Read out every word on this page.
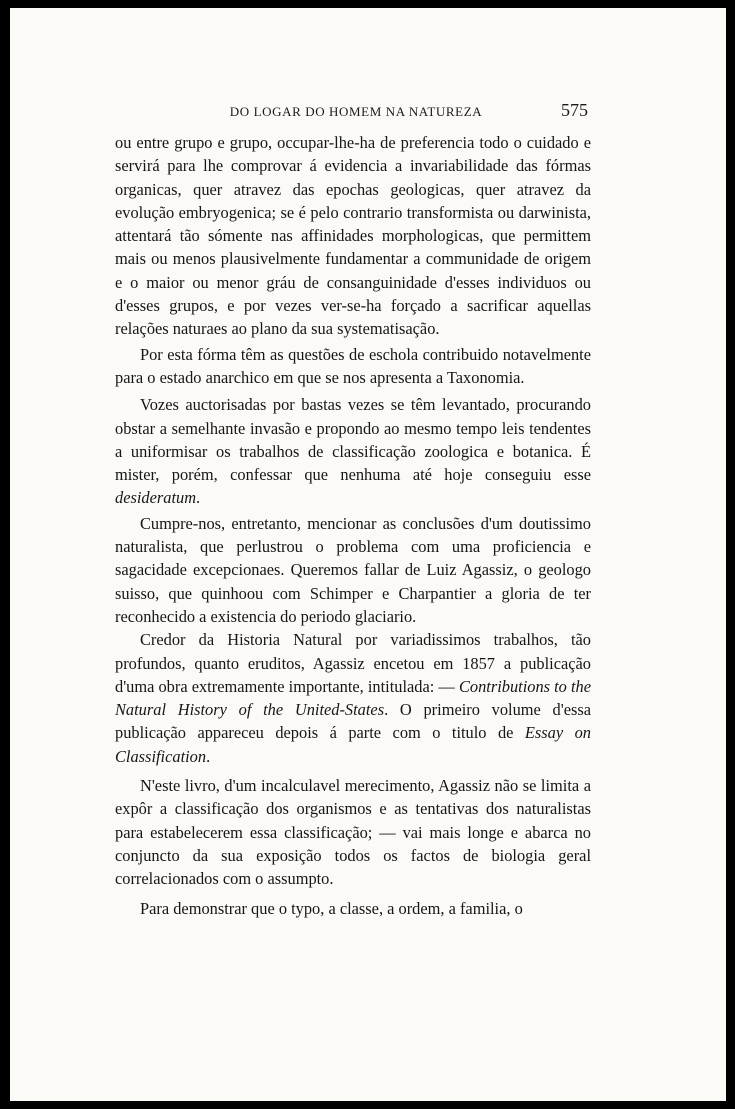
DO LOGAR DO HOMEM NA NATUREZA	575

ou entre grupo e grupo, occupar-lhe-ha de preferencia todo o cuidado e servirá para lhe comprovar á evidencia a invariabilidade das fórmas organicas, quer atravez das epochas geologicas, quer atravez da evolução embryogenica; se é pelo contrario transformista ou darwinista, attentará tão sómente nas affinidades morphologicas, que permittem mais ou menos plausivelmente fundamentar a communidade de origem e o maior ou menor gráu de consanguinidade d'esses individuos ou d'esses grupos, e por vezes ver-se-ha forçado a sacrificar aquellas relações naturaes ao plano da sua systematisação.

Por esta fórma têm as questões de eschola contribuido notavelmente para o estado anarchico em que se nos apresenta a Taxonomia.

Vozes auctorisadas por bastas vezes se têm levantado, procurando obstar a semelhante invasão e propondo ao mesmo tempo leis tendentes a uniformisar os trabalhos de classificação zoologica e botanica. É mister, porém, confessar que nenhuma até hoje conseguiu esse desideratum.

Cumpre-nos, entretanto, mencionar as conclusões d'um doutissimo naturalista, que perlustrou o problema com uma proficiencia e sagacidade excepcionaes. Queremos fallar de Luiz Agassiz, o geologo suisso, que quinhoou com Schimper e Charpantier a gloria de ter reconhecido a existencia do periodo glaciario.

Credor da Historia Natural por variadissimos trabalhos, tão profundos, quanto eruditos, Agassiz encetou em 1857 a publicação d'uma obra extremamente importante, intitulada: — Contributions to the Natural History of the United-States. O primeiro volume d'essa publicação appareceu depois á parte com o titulo de Essay on Classification.

N'este livro, d'um incalculavel merecimento, Agassiz não se limita a expôr a classificação dos organismos e as tentativas dos naturalistas para estabelecerem essa classificação; — vai mais longe e abarca no conjuncto da sua exposição todos os factos de biologia geral correlacionados com o assumpto.

Para demonstrar que o typo, a classe, a ordem, a familia, o
